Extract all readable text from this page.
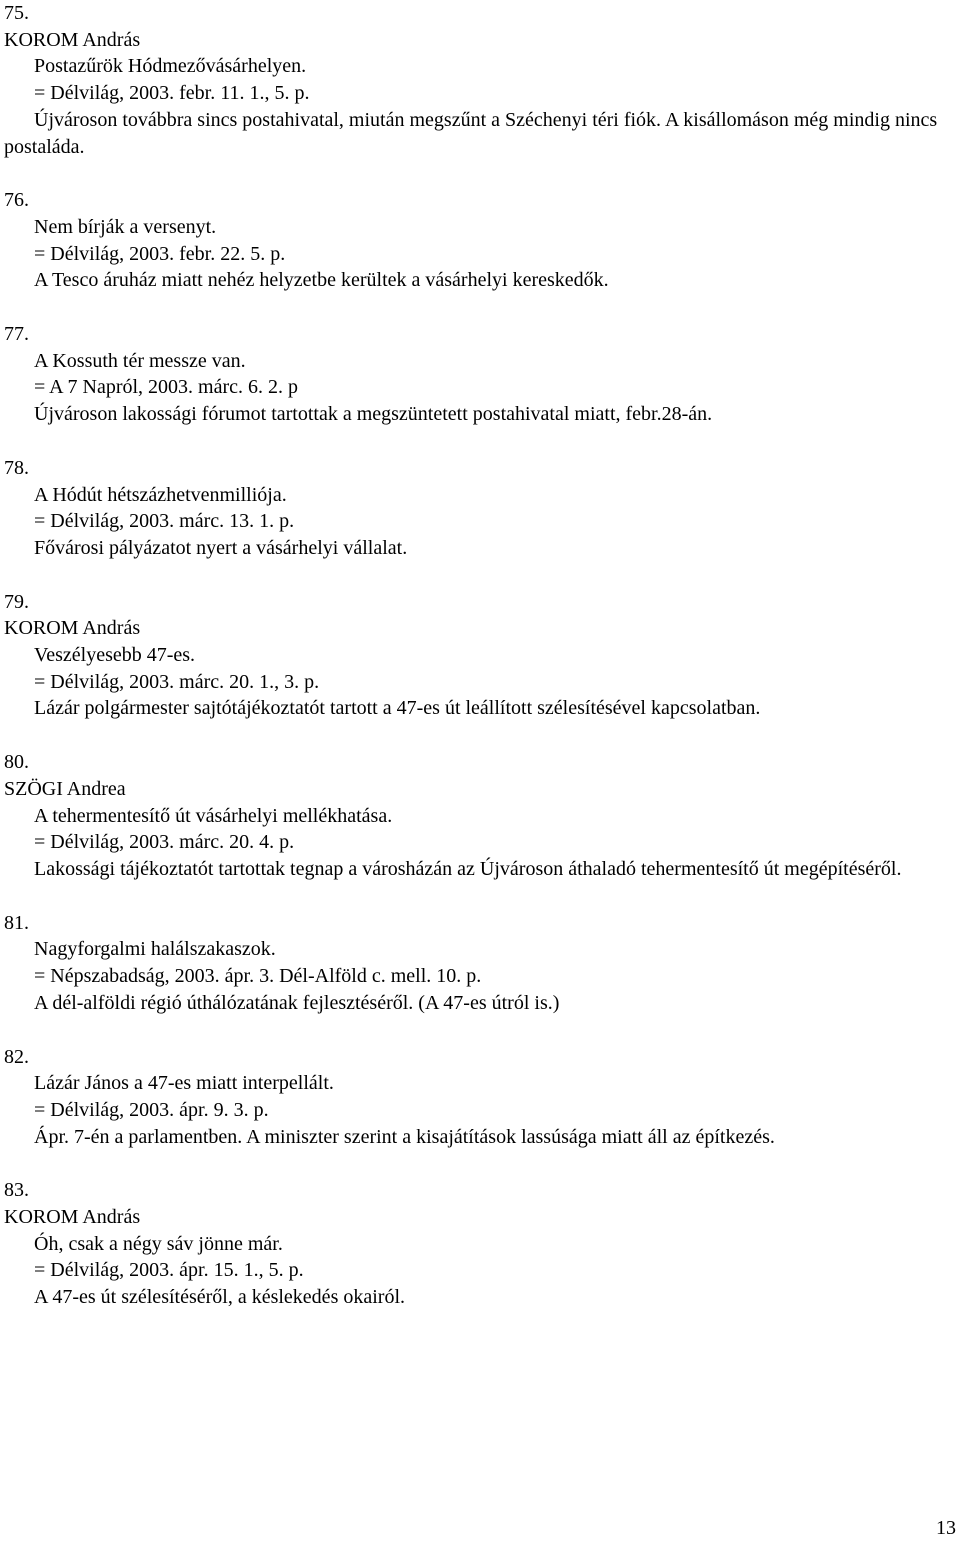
75.
KOROM András
Postazűrök Hódmezővásárhelyen.
= Délvilág, 2003. febr. 11. 1., 5. p.
Újvároson továbbra sincs postahivatal, miután megszűnt a Széchenyi téri fiók. A kisállomáson még mindig nincs postaláda.
76.
Nem bírják a versenyt.
= Délvilág, 2003. febr. 22. 5. p.
A Tesco áruház miatt nehéz helyzetbe kerültek a vásárhelyi kereskedők.
77.
A Kossuth tér messze van.
= A 7 Napról, 2003. márc. 6. 2. p
Újvároson lakossági fórumot tartottak a megszüntetett postahivatal miatt, febr.28-án.
78.
A Hódút hétszázhetvenmilliója.
= Délvilág, 2003. márc. 13. 1. p.
Fővárosi pályázatot nyert a vásárhelyi vállalat.
79.
KOROM András
Veszélyesebb 47-es.
= Délvilág, 2003. márc. 20. 1., 3. p.
Lázár polgármester sajtótájékoztatót tartott a 47-es út leállított szélesítésével kapcsolatban.
80.
SZÖGI Andrea
A tehermentesítő út vásárhelyi mellékhatása.
= Délvilág, 2003. márc. 20. 4. p.
Lakossági tájékoztatót tartottak tegnap a városházán az Újvároson áthaladó tehermentesítő út megépítéséről.
81.
Nagyforgalmi halálszakaszok.
= Népszabadság, 2003. ápr. 3. Dél-Alföld c. mell. 10. p.
A dél-alföldi régió úthálózatának fejlesztéséről. (A 47-es útról is.)
82.
Lázár János a 47-es miatt interpellált.
= Délvilág, 2003. ápr. 9. 3. p.
Ápr. 7-én a parlamentben. A miniszter szerint a kisajátítások lassúsága miatt áll az építkezés.
83.
KOROM András
Óh, csak a négy sáv jönne már.
= Délvilág, 2003. ápr. 15. 1., 5. p.
A 47-es út szélesítéséről, a késlekedés okairól.
13
